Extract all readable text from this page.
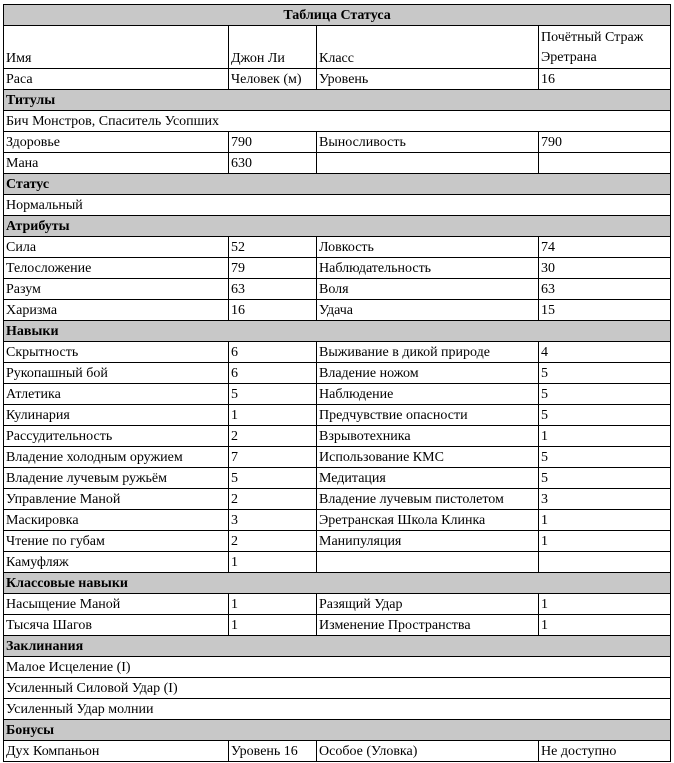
Таблица Статуса			
Имя	Джон Ли	Класс	Почётный Страж Эретрана
Раса	Человек (м)	Уровень	16
Титулы			
Бич Монстров, Спаситель Усопших			
Здоровье	790	Выносливость	790
Мана	630		
Статус			
Нормальный			
Атрибуты			
Сила	52	Ловкость	74
Телосложение	79	Наблюдательность	30
Разум	63	Воля	63
Харизма	16	Удача	15
Навыки			
Скрытность	6	Выживание в дикой природе	4
Рукопашный бой	6	Владение ножом	5
Атлетика	5	Наблюдение	5
Кулинария	1	Предчувствие опасности	5
Рассудительность	2	Взрывотехника	1
Владение холодным оружием	7	Использование КМС	5
Владение лучевым ружьём	5	Медитация	5
Управление Маной	2	Владение лучевым пистолетом	3
Маскировка	3	Эретранская Школа Клинка	1
Чтение по губам	2	Манипуляция	1
Камуфляж	1		
Классовые навыки			
Насыщение Маной	1	Разящий Удар	1
Тысяча Шагов	1	Изменение Пространства	1
Заклинания			
Малое Исцеление (I)			
Усиленный Силовой Удар (I)			
Усиленный Удар молнии			
Бонусы			
Дух Компаньон	Уровень 16	Особое (Уловка)	Не доступно
